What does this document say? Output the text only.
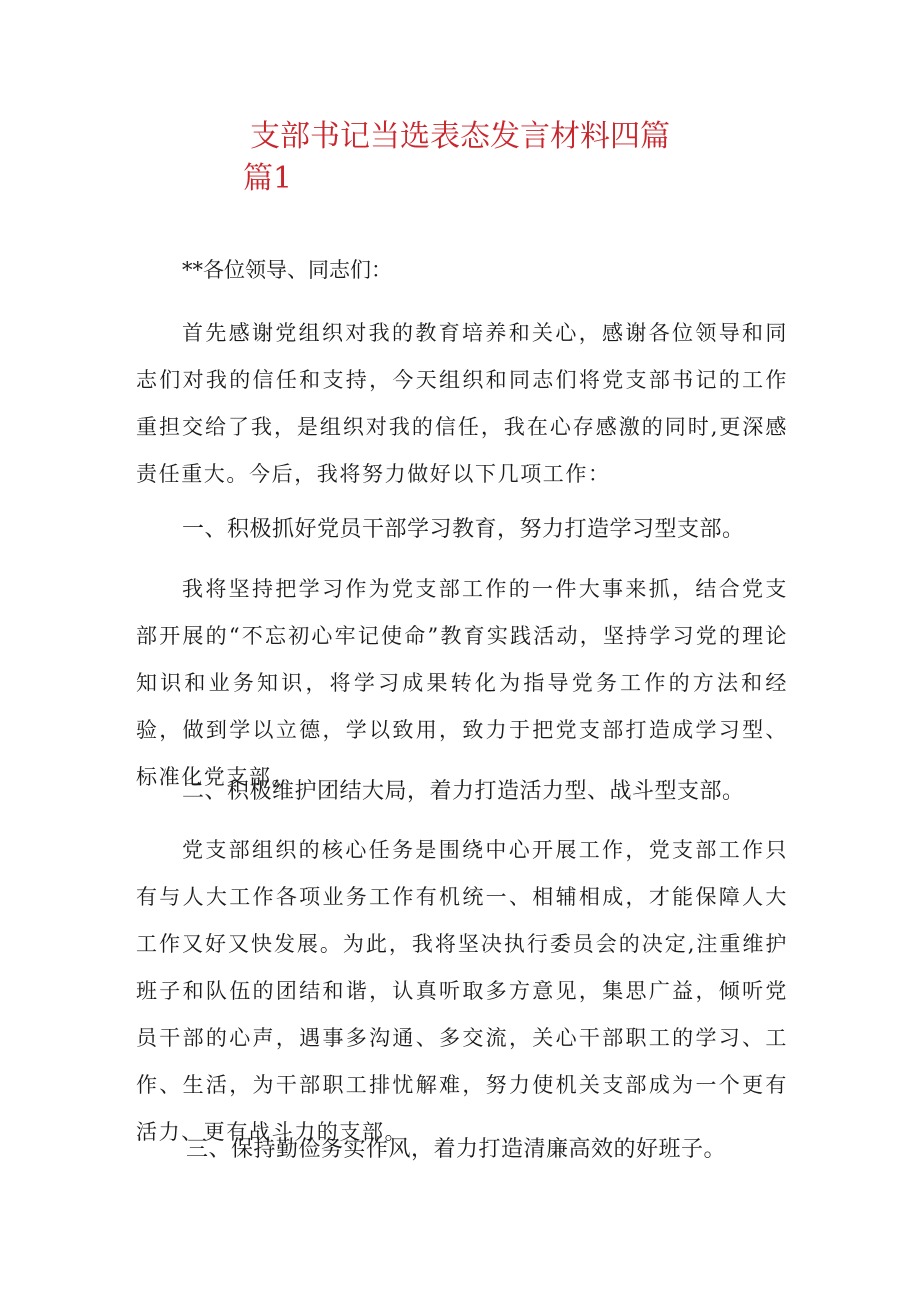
支部书记当选表态发言材料四篇
篇1
**各位领导、同志们：

首先感谢党组织对我的教育培养和关心，感谢各位领导和同志们对我的信任和支持，今天组织和同志们将党支部书记的工作重担交给了我，是组织对我的信任，我在心存感激的同时,更深感责任重大。今后，我将努力做好以下几项工作：

一、积极抓好党员干部学习教育，努力打造学习型支部。

我将坚持把学习作为党支部工作的一件大事来抓，结合党支部开展的“不忘初心牢记使命”教育实践活动，坚持学习党的理论知识和业务知识，将学习成果转化为指导党务工作的方法和经验，做到学以立德，学以致用，致力于把党支部打造成学习型、标准化党支部。

二、积极维护团结大局，着力打造活力型、战斗型支部。

党支部组织的核心任务是围绕中心开展工作，党支部工作只有与人大工作各项业务工作有机统一、相辅相成，才能保障人大工作又好又快发展。为此，我将坚决执行委员会的决定,注重维护班子和队伍的团结和谐，认真听取多方意见，集思广益，倾听党员干部的心声，遇事多沟通、多交流，关心干部职工的学习、工作、生活，为干部职工排忧解难，努力使机关支部成为一个更有活力、更有战斗力的支部。

三、保持勤俭务实作风，着力打造清廉高效的好班子。
